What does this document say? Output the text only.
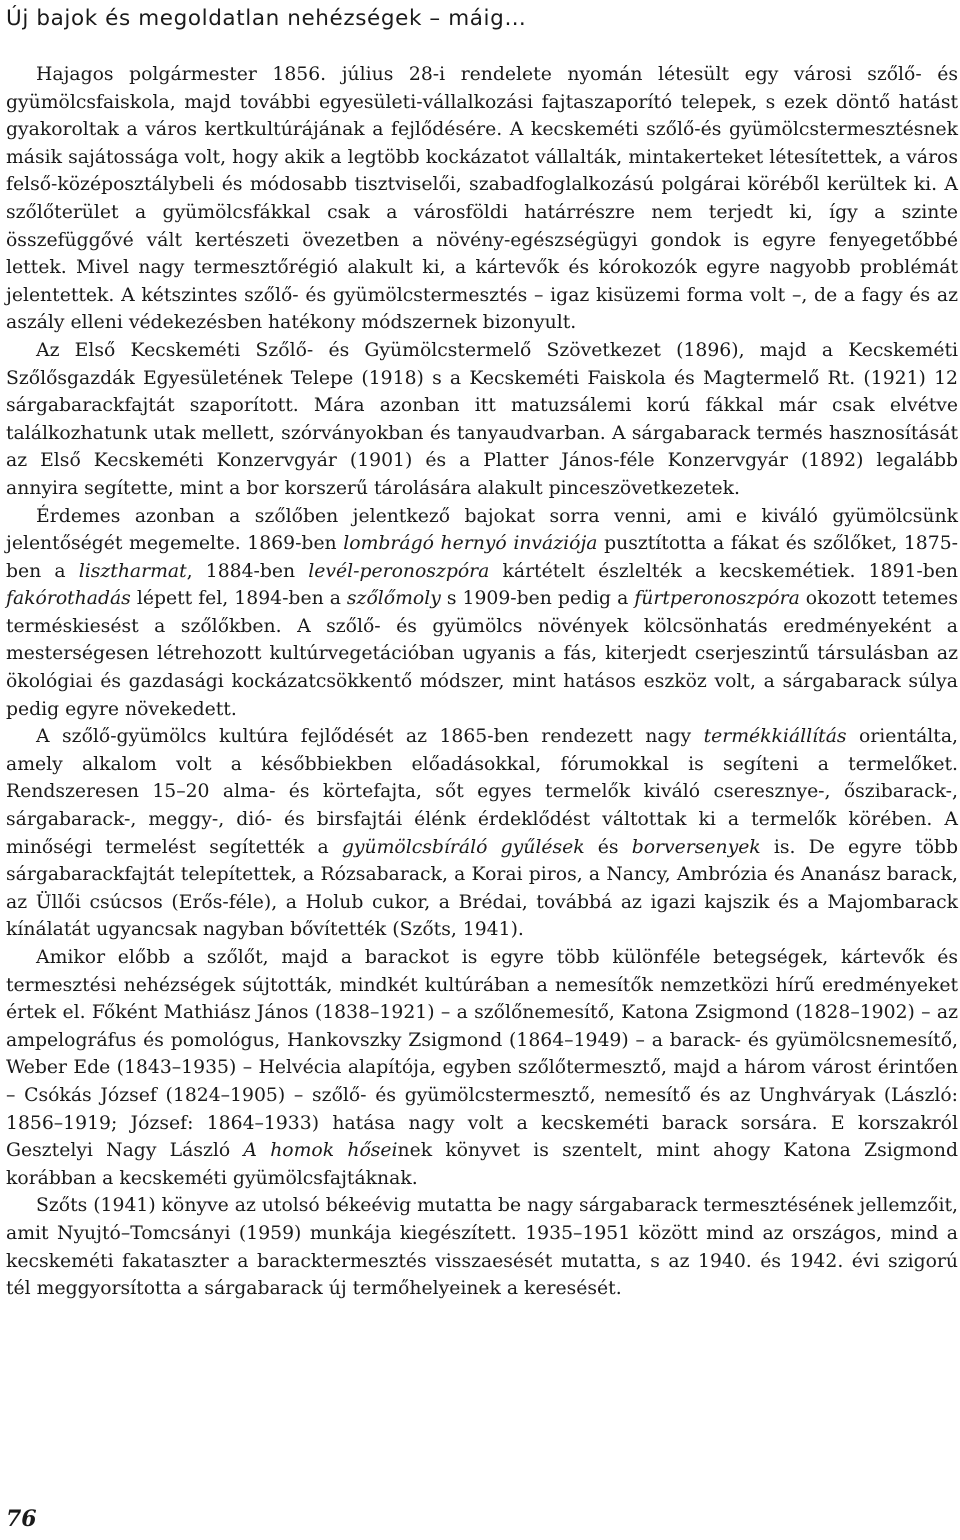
Új bajok és megoldatlan nehézségek – máig…

Hajagos polgármester 1856. július 28-i rendelete nyomán létesült egy városi szőlő- és gyümölcsfaiskola, majd további egyesületi-vállalkozási fajtaszaporító telepek, s ezek döntő hatást gyakoroltak a város kertkultúrájának a fejlődésére. A kecskeméti szőlő-és gyümölcstermesztésnek másik sajátossága volt, hogy akik a legtöbb kockázatot vállalták, mintakerteket létesítettek, a város felső-középosztálybeli és módosabb tisztviselői, szabadfoglalkozású polgárai köréből kerültek ki. A szőlőterület a gyümölcsfákkal csak a városföldi határrészre nem terjedt ki, így a szinte összefüggővé vált kertészeti övezetben a növény-egészségügyi gondok is egyre fenyegetőbbé lettek. Mivel nagy termesztőrégió alakult ki, a kártevők és kórokozók egyre nagyobb problémát jelentettek. A kétszintes szőlő- és gyümölcstermesztés – igaz kisüzemi forma volt –, de a fagy és az aszály elleni védekezésben hatékony módszernek bizonyult.

Az Első Kecskeméti Szőlő- és Gyümölcstermelő Szövetkezet (1896), majd a Kecskeméti Szőlősgazdák Egyesületének Telepe (1918) s a Kecskeméti Faiskola és Magtermelő Rt. (1921) 12 sárgabarackfajtát szaporított. Mára azonban itt matuzsálemi korú fákkal már csak elvétve találkozhatunk utak mellett, szórványokban és tanyaudvarban. A sárgabarack termés hasznosítását az Első Kecskeméti Konzervgyár (1901) és a Platter János-féle Konzervgyár (1892) legalább annyira segítette, mint a bor korszerű tárolására alakult pinceszövetkezetek.

Érdemes azonban a szőlőben jelentkező bajokat sorra venni, ami e kiváló gyümölcsünk jelentőségét megemelte. 1869-ben lombrágó hernyó inváziója pusztította a fákat és szőlőket, 1875-ben a lisztharmat, 1884-ben levél-peronoszpóra kártételt észlelték a kecskemétiek. 1891-ben fakórothadás lépett fel, 1894-ben a szőlőmoly s 1909-ben pedig a fürtperonoszpóra okozott tetemes terméskiesést a szőlőkben. A szőlő- és gyümölcs növények kölcsönhatás eredményeként a mesterségesen létrehozott kultúrvegetációban ugyanis a fás, kiterjedt cserjeszintű társulásban az ökológiai és gazdasági kockázatcsökkentő módszer, mint hatásos eszköz volt, a sárgabarack súlya pedig egyre növekedett.

A szőlő-gyümölcs kultúra fejlődését az 1865-ben rendezett nagy termékkiállítás orientálta, amely alkalom volt a későbbiekben előadásokkal, fórumokkal is segíteni a termelőket. Rendszeresen 15–20 alma- és körtefajta, sőt egyes termelők kiváló cseresznye-, őszibarack-, sárgabarack-, meggy-, dió- és birsfajtái élénk érdeklődést váltottak ki a termelők körében. A minőségi termelést segítették a gyümölcsbíráló gyűlések és borversenyek is. De egyre több sárgabarackfajtát telepítettek, a Rózsabarack, a Korai piros, a Nancy, Ambrózia és Ananász barack, az Üllői csúcsos (Erős-féle), a Holub cukor, a Brédai, továbbá az igazi kajszik és a Majombarack kínálatát ugyancsak nagyban bővítették (Szőts, 1941).

Amikor előbb a szőlőt, majd a barackot is egyre több különféle betegségek, kártevők és termesztési nehézségek sújtották, mindkét kultúrában a nemesítők nemzetközi hírű eredményeket értek el. Főként Mathiász János (1838–1921) – a szőlőnemesítő, Katona Zsigmond (1828–1902) – az ampelográfus és pomológus, Hankovszky Zsigmond (1864–1949) – a barack- és gyümölcsnemesítő, Weber Ede (1843–1935) – Helvécia alapítója, egyben szőlőtermesztő, majd a három várost érintően – Csókás József (1824–1905) – szőlő- és gyümölcstermesztő, nemesítő és az Unghváryak (László: 1856–1919; József: 1864–1933) hatása nagy volt a kecskeméti barack sorsára. E korszakról Gesztelyi Nagy László A homok hőseinek könyvet is szentelt, mint ahogy Katona Zsigmond korábban a kecskeméti gyümölcsfajtáknak.

Szőts (1941) könyve az utolsó békeévig mutatta be nagy sárgabarack termesztésének jellemzőit, amit Nyujtó–Tomcsányi (1959) munkája kiegészített. 1935–1951 között mind az országos, mind a kecskeméti fakataszter a baracktermesztés visszaesését mutatta, s az 1940. és 1942. évi szigorú tél meggyorsította a sárgabarack új termőhelyeinek a keresését.

76
